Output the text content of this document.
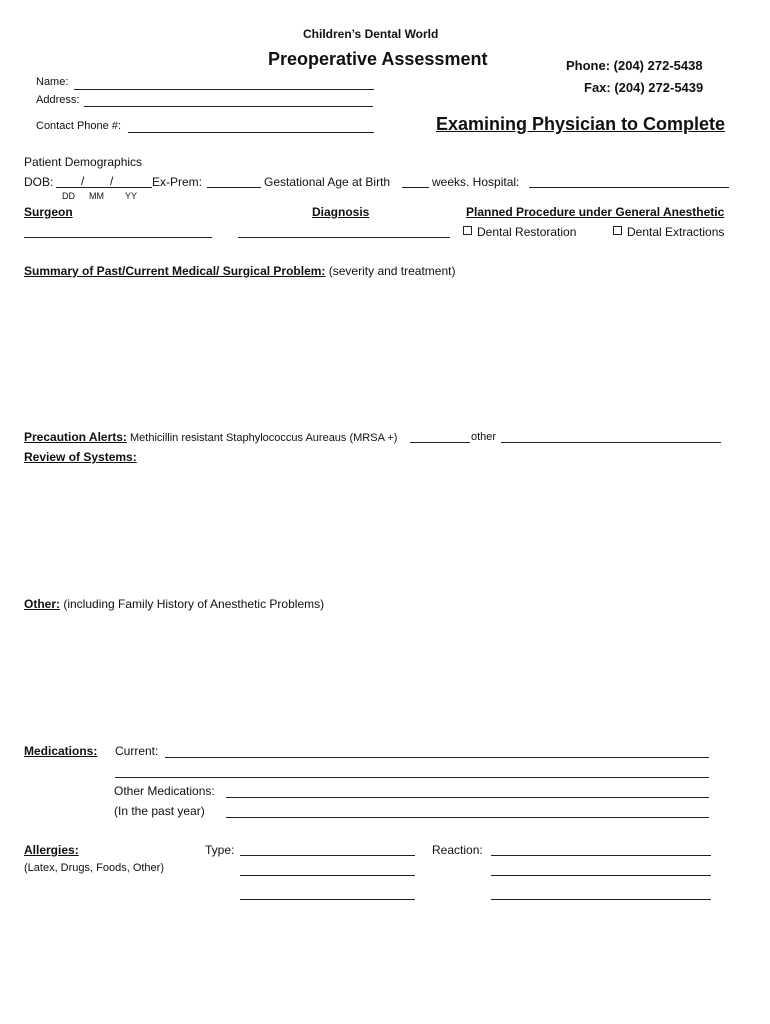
Children’s Dental World
Preoperative Assessment	Phone: (204) 272-5438
Fax: (204) 272-5439
Name:
Address:
Contact Phone #:	Examining Physician to Complete
Patient Demographics
DOB: / /
DD MM YY
Ex-Prem:	Gestational Age at Birth	weeks. Hospital:
Surgeon	Diagnosis	Planned Procedure under General Anesthetic
Dental Restoration	Dental Extractions
Summary of Past/Current Medical/ Surgical Problem: (severity and treatment)
Precaution Alerts: Methicillin resistant Staphylococcus Aureaus (MRSA +)	other
Review of Systems:
Other: (including Family History of Anesthetic Problems)
Medications: Current:
Other Medications:
(In the past year)
Allergies:
(Latex, Drugs, Foods, Other)
Type:	Reaction:
